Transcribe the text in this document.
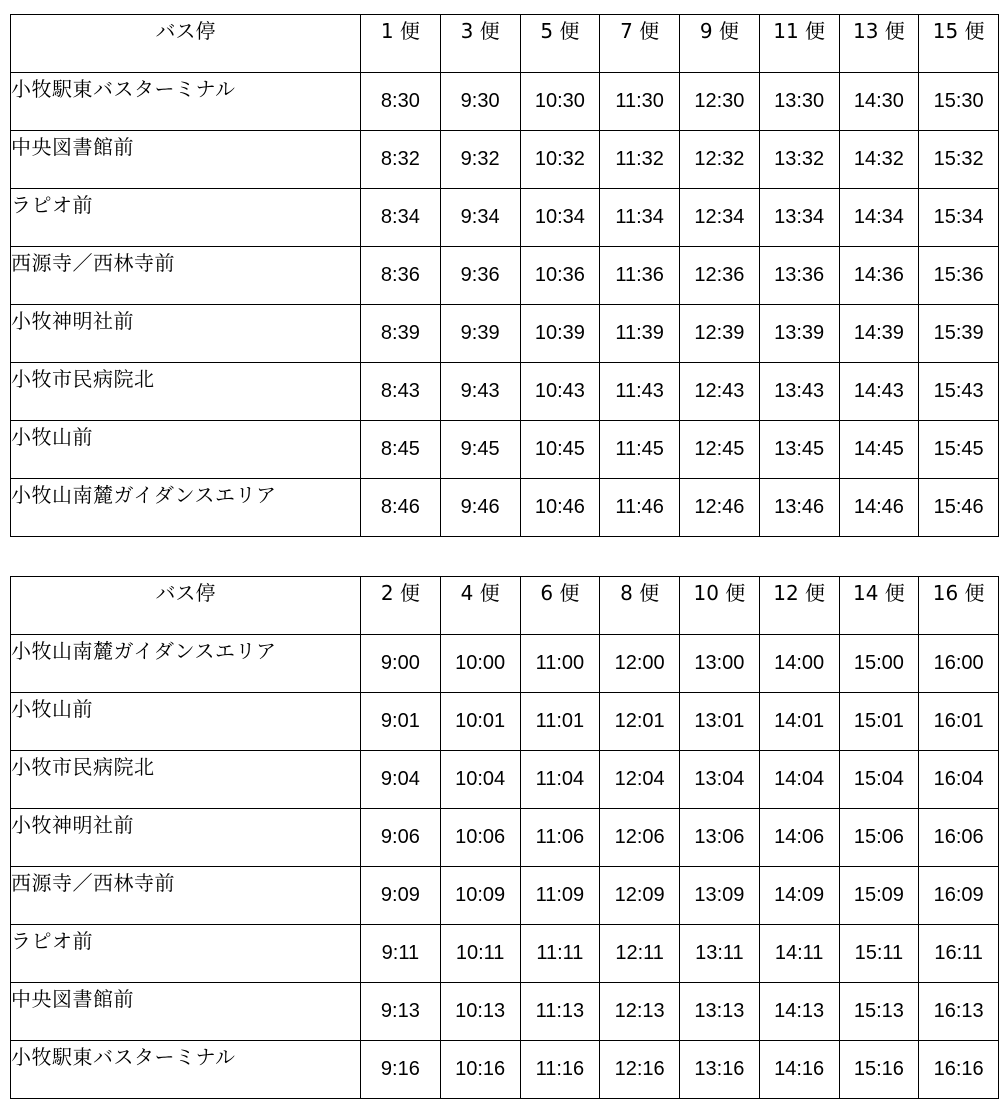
バス停	1 便	3 便	5 便	7 便	9 便	11 便	13 便	15 便
小牧駅東バスターミナル	8:30	9:30	10:30	11:30	12:30	13:30	14:30	15:30
中央図書館前	8:32	9:32	10:32	11:32	12:32	13:32	14:32	15:32
ラピオ前	8:34	9:34	10:34	11:34	12:34	13:34	14:34	15:34
西源寺／西林寺前	8:36	9:36	10:36	11:36	12:36	13:36	14:36	15:36
小牧神明社前	8:39	9:39	10:39	11:39	12:39	13:39	14:39	15:39
小牧市民病院北	8:43	9:43	10:43	11:43	12:43	13:43	14:43	15:43
小牧山前	8:45	9:45	10:45	11:45	12:45	13:45	14:45	15:45
小牧山南麓ガイダンスエリア	8:46	9:46	10:46	11:46	12:46	13:46	14:46	15:46
バス停	2 便	4 便	6 便	8 便	10 便	12 便	14 便	16 便
小牧山南麓ガイダンスエリア	9:00	10:00	11:00	12:00	13:00	14:00	15:00	16:00
小牧山前	9:01	10:01	11:01	12:01	13:01	14:01	15:01	16:01
小牧市民病院北	9:04	10:04	11:04	12:04	13:04	14:04	15:04	16:04
小牧神明社前	9:06	10:06	11:06	12:06	13:06	14:06	15:06	16:06
西源寺／西林寺前	9:09	10:09	11:09	12:09	13:09	14:09	15:09	16:09
ラピオ前	9:11	10:11	11:11	12:11	13:11	14:11	15:11	16:11
中央図書館前	9:13	10:13	11:13	12:13	13:13	14:13	15:13	16:13
小牧駅東バスターミナル	9:16	10:16	11:16	12:16	13:16	14:16	15:16	16:16
